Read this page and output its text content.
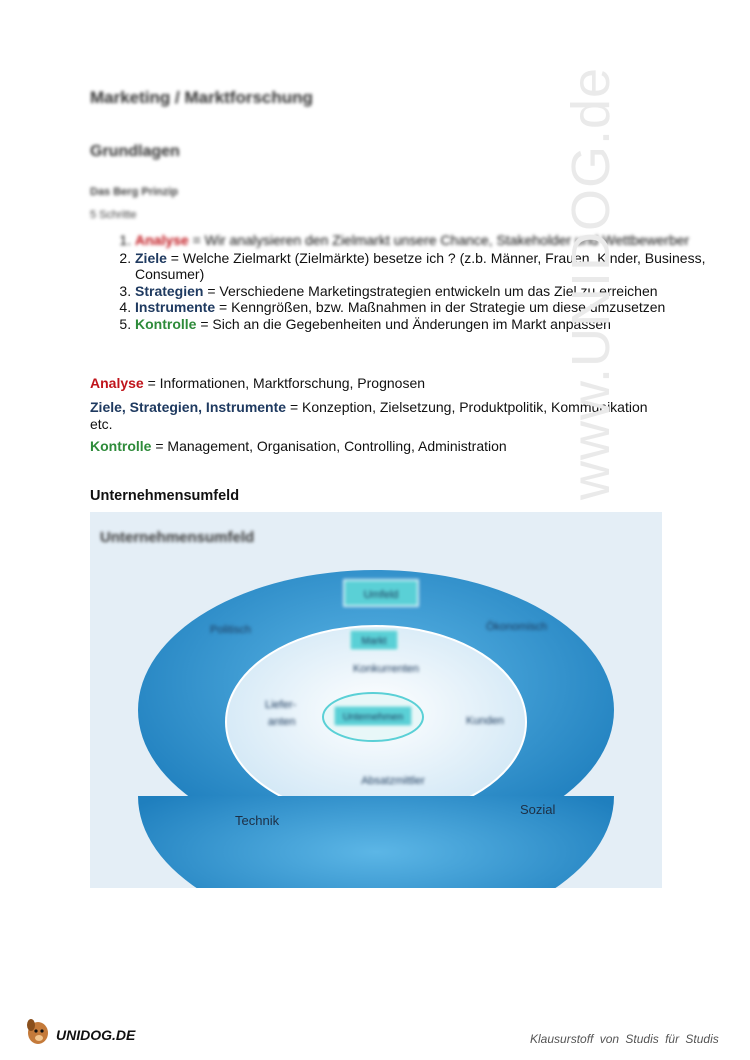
Marketing / Marktforschung
Grundlagen
Das Berg Prinzip
5 Schritte
1. Analyse = Wir analysieren den Zielmarkt unsere Chance, Stakeholder und Wettbewerber
2. Ziele = Welche Zielmarkt (Zielmärkte) besetze ich ? (z.b. Männer, Frauen, Kinder, Business, Consumer)
3. Strategien = Verschiedene Marketingstrategien entwickeln um das Ziel zu erreichen
4. Instrumente = Kenngrößen, bzw. Maßnahmen in der Strategie um diese umzusetzen
5. Kontrolle = Sich an die Gegebenheiten und Änderungen im Markt anpassen
Analyse = Informationen, Marktforschung, Prognosen
Ziele, Strategien, Instrumente = Konzeption, Zielsetzung, Produktpolitik, Kommunikation etc.
Kontrolle = Management, Organisation, Controlling, Administration
Unternehmensumfeld	www.UNIDOG.de
Unternehmensumfeld
Umfeld
Politisch	Ökonomisch
Markt
Konkurrenten
Liefer-
anten	Kunden
Unternehmen
Absatzmittler
Technik
Sozial
UNIDOG.DE	Klausurstoff von Studis für Studis
